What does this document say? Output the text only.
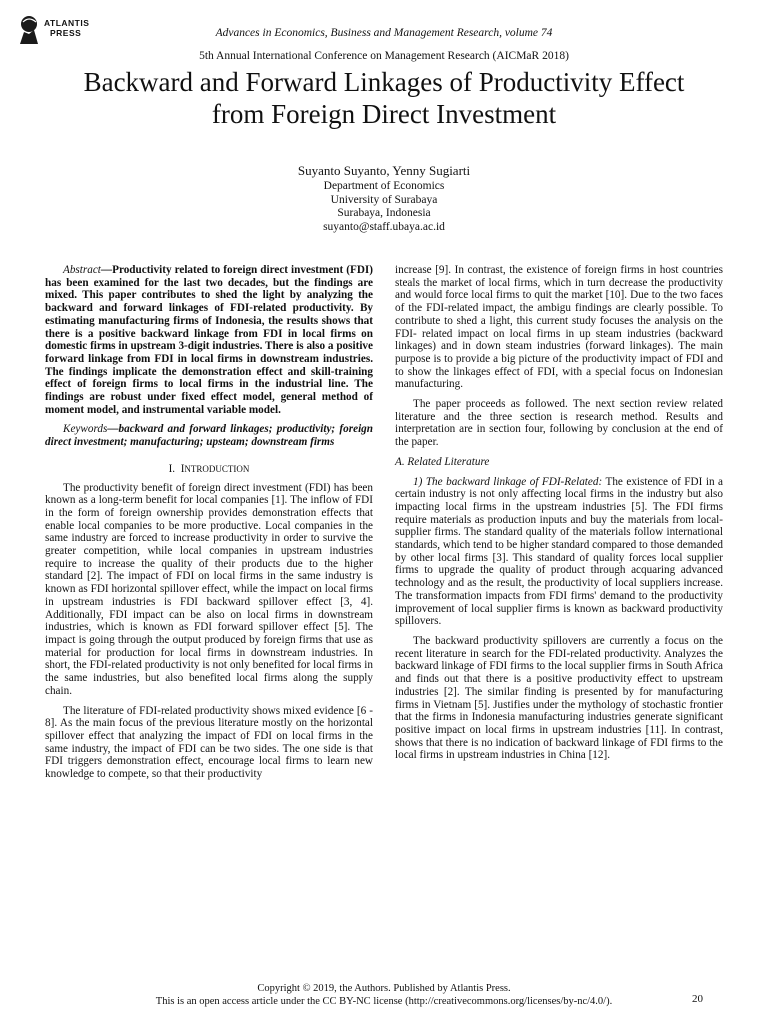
ATLANTIS
PRESS	Advances in Economics, Business and Management Research, volume 74
5th Annual International Conference on Management Research (AICMaR 2018)
Backward and Forward Linkages of Productivity Effect from Foreign Direct Investment
Suyanto Suyanto, Yenny Sugiarti
Department of Economics
University of Surabaya
Surabaya, Indonesia
suyanto@staff.ubaya.ac.id

Abstract—Productivity related to foreign direct investment (FDI) has been examined for the last two decades, but the findings are mixed. This paper contributes to shed the light by analyzing the backward and forward linkages of FDI-related productivity. By estimating manufacturing firms of Indonesia, the results shows that there is a positive backward linkage from FDI in local firms on domestic firms in upstream 3-digit industries. There is also a positive forward linkage from FDI in local firms in downstream industries. The findings implicate the demonstration effect and skill-training effect of foreign firms to local firms in the industrial line. The findings are robust under fixed effect model, general method of moment model, and instrumental variable model.

Keywords—backward and forward linkages; productivity; foreign direct investment; manufacturing; upsteam; downstream firms

I. INTRODUCTION

The productivity benefit of foreign direct investment (FDI) has been known as a long-term benefit for local companies [1]. The inflow of FDI in the form of foreign ownership provides demonstration effects that enable local companies to be more productive. Local companies in the same industry are forced to increase productivity in order to survive the greater competition, while local companies in upstream industries require to increase the quality of their products due to the higher standard [2]. The impact of FDI on local firms in the same industry is known as FDI horizontal spillover effect, while the impact on local firms in upstream industries is FDI backward spillover effect [3, 4]. Additionally, FDI impact can be also on local firms in downstream industries, which is known as FDI forward spillover effect [5]. The impact is going through the output produced by foreign firms that use as material for production for local firms in downstream industries. In short, the FDI-related productivity is not only benefited for local firms in the same industries, but also benefited local firms along the supply chain.

The literature of FDI-related productivity shows mixed evidence [6 - 8]. As the main focus of the previous literature mostly on the horizontal spillover effect that analyzing the impact of FDI on local firms in the same industry, the impact of FDI can be two sides. The one side is that FDI triggers demonstration effect, encourage local firms to learn new knowledge to compete, so that their productivity

increase [9]. In contrast, the existence of foreign firms in host countries steals the market of local firms, which in turn decrease the productivity and would force local firms to quit the market [10]. Due to the two faces of the FDI-related impact, the ambigu findings are clearly possible. To contribute to shed a light, this current study focuses the analysis on the FDI- related impact on local firms in up steam industries (backward linkages) and in down steam industries (forward linkages). The main purpose is to provide a big picture of the productivity impact of FDI and to show the linkages effect of FDI, with a special focus on Indonesian manufacturing.

The paper proceeds as followed. The next section review related literature and the three section is research method. Results and interpretation are in section four, following by conclusion at the end of the paper.

A. Related Literature

1) The backward linkage of FDI-Related: The existence of FDI in a certain industry is not only affecting local firms in the industry but also impacting local firms in the upstream industries [5]. The FDI firms require materials as production inputs and buy the materials from local-supplier firms. The standard quality of the materials follow international standards, which tend to be higher standard compared to those demanded by other local firms [3]. This standard of quality forces local supplier firms to upgrade the quality of product through acquaring advanced technology and as the result, the productivity of local suppliers increase. The transformation impacts from FDI firms' demand to the productivity improvement of local supplier firms is known as backward productivity spillovers.

The backward productivity spillovers are currently a focus on the recent literature in search for the FDI-related productivity. Analyzes the backward linkage of FDI firms to the local supplier firms in South Africa and finds out that there is a positive productivity effect to upstream industries [2]. The similar finding is presented by for manufacturing firms in Vietnam [5]. Justifies under the mythology of stochastic frontier that the firms in Indonesia manufacturing industries generate significant positive impact on local firms in upstream industries [11]. In contrast, shows that there is no indication of backward linkage of FDI firms to the local firms in upstream industries in China [12].

Copyright © 2019, the Authors. Published by Atlantis Press.
This is an open access article under the CC BY-NC license (http://creativecommons.org/licenses/by-nc/4.0/).	20
